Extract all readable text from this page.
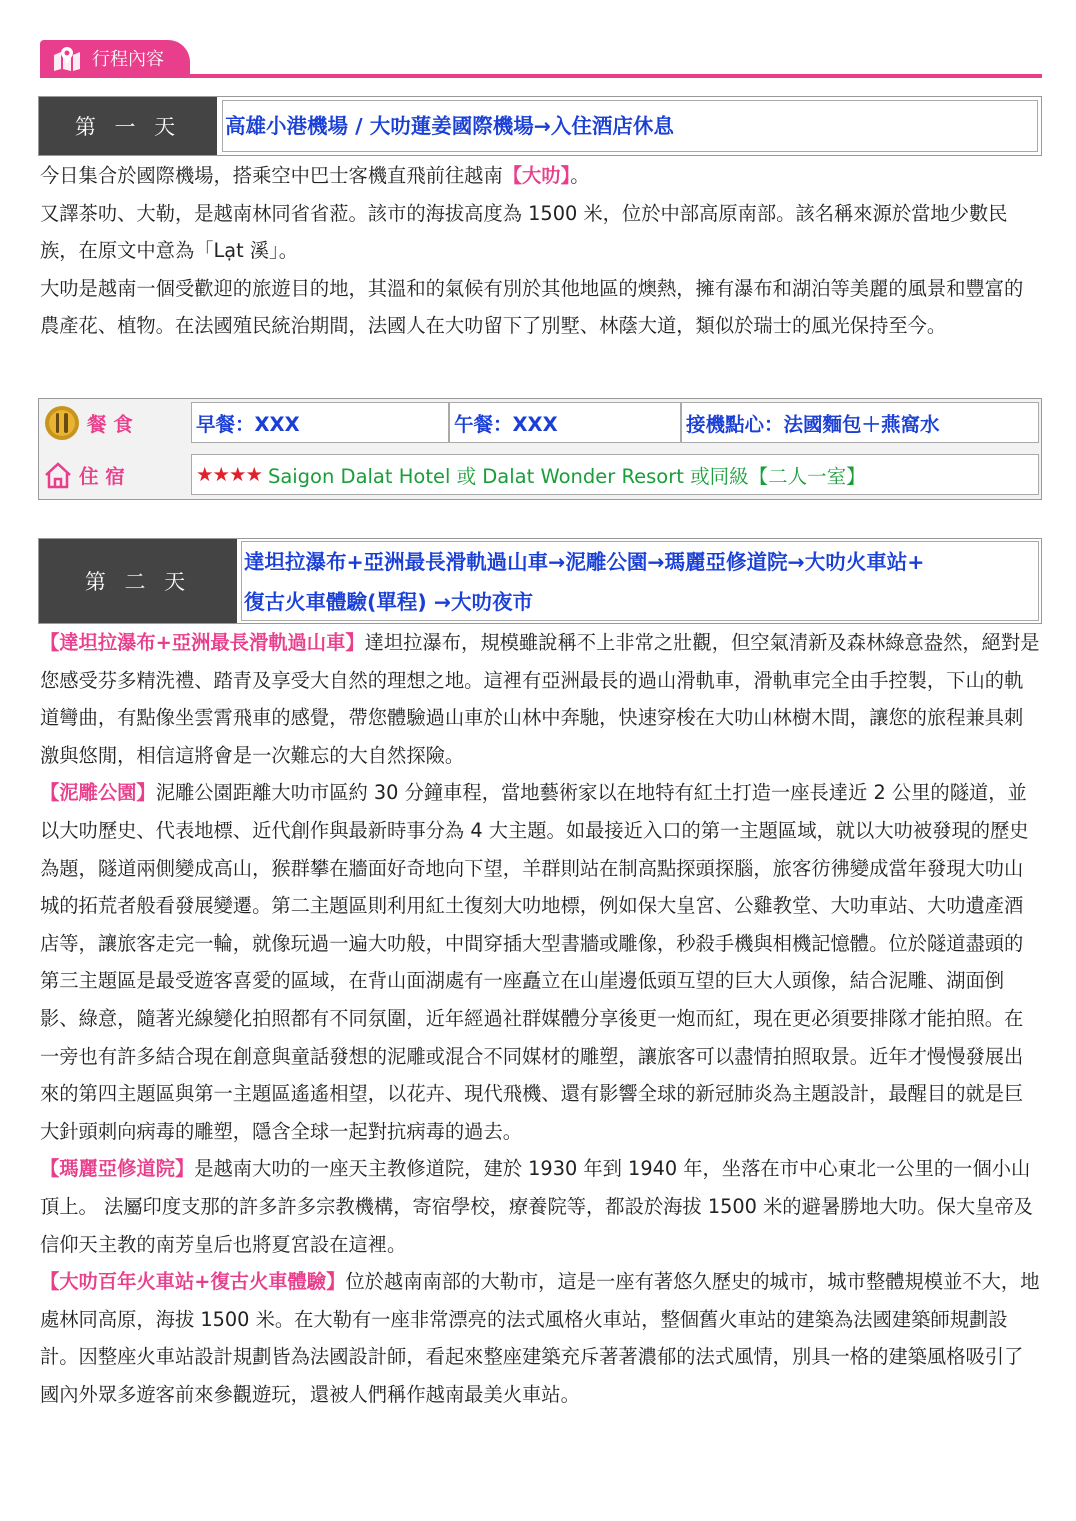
行程內容
第 一 天	高雄小港機場 / 大叻蓮姜國際機場→入住酒店休息

今日集合於國際機場，搭乘空中巴士客機直飛前往越南【大叻】。

又譯茶叻、大勒，是越南林同省省蒞。該市的海拔高度為 1500 米，位於中部高原南部。該名稱來源於當地少數民族，在原文中意為「Lạt 溪」。

大叻是越南一個受歡迎的旅遊目的地，其溫和的氣候有別於其他地區的燠熱，擁有瀑布和湖泊等美麗的風景和豐富的農產花、植物。在法國殖民統治期間，法國人在大叻留下了別墅、林蔭大道，類似於瑞士的風光保持至今。

餐 食	早餐：XXX	午餐：XXX	接機點心：法國麵包＋燕窩水
住 宿	★★★★ Saigon Dalat Hotel 或 Dalat Wonder Resort 或同級【二人一室】
第 二 天
達坦拉瀑布+亞洲最長滑軌過山車→泥雕公園→瑪麗亞修道院→大叻火車站+
復古火車體驗(單程) →大叻夜市

【達坦拉瀑布+亞洲最長滑軌過山車】達坦拉瀑布，規模雖說稱不上非常之壯觀，但空氣清新及森林綠意盎然，絕對是您感受芬多精洗禮、踏青及享受大自然的理想之地。這裡有亞洲最長的過山滑軌車，滑軌車完全由手控製，下山的軌道彎曲，有點像坐雲霄飛車的感覺，帶您體驗過山車於山林中奔馳，快速穿梭在大叻山林樹木間，讓您的旅程兼具刺激與悠閒，相信這將會是一次難忘的大自然探險。

【泥雕公園】泥雕公園距離大叻市區約 30 分鐘車程，當地藝術家以在地特有紅土打造一座長達近 2 公里的隧道，並以大叻歷史、代表地標、近代創作與最新時事分為 4 大主題。如最接近入口的第一主題區域，就以大叻被發現的歷史為題，隧道兩側變成高山，猴群攀在牆面好奇地向下望，羊群則站在制高點探頭探腦，旅客彷彿變成當年發現大叻山城的拓荒者般看發展變遷。第二主題區則利用紅土復刻大叻地標，例如保大皇宮、公雞教堂、大叻車站、大叻遺產酒店等，讓旅客走完一輪，就像玩過一遍大叻般，中間穿插大型書牆或雕像，秒殺手機與相機記憶體。位於隧道盡頭的第三主題區是最受遊客喜愛的區域，在背山面湖處有一座矗立在山崖邊低頭互望的巨大人頭像，結合泥雕、湖面倒影、綠意，隨著光線變化拍照都有不同氛圍，近年經過社群媒體分享後更一炮而紅，現在更必須要排隊才能拍照。在一旁也有許多結合現在創意與童話發想的泥雕或混合不同媒材的雕塑，讓旅客可以盡情拍照取景。近年才慢慢發展出來的第四主題區與第一主題區遙遙相望，以花卉、現代飛機、還有影響全球的新冠肺炎為主題設計，最醒目的就是巨大針頭刺向病毒的雕塑，隱含全球一起對抗病毒的過去。

【瑪麗亞修道院】是越南大叻的一座天主教修道院，建於 1930 年到 1940 年，坐落在市中心東北一公里的一個小山頂上。 法屬印度支那的許多許多宗教機構，寄宿學校，療養院等，都設於海拔 1500 米的避暑勝地大叻。保大皇帝及信仰天主教的南芳皇后也將夏宮設在這裡。

【大叻百年火車站+復古火車體驗】位於越南南部的大勒市，這是一座有著悠久歷史的城市，城市整體規模並不大，地處林同高原，海拔 1500 米。在大勒有一座非常漂亮的法式風格火車站，整個舊火車站的建築為法國建築師規劃設計。因整座火車站設計規劃皆為法國設計師，看起來整座建築充斥著著濃郁的法式風情，別具一格的建築風格吸引了國內外眾多遊客前來參觀遊玩，還被人們稱作越南最美火車站。
